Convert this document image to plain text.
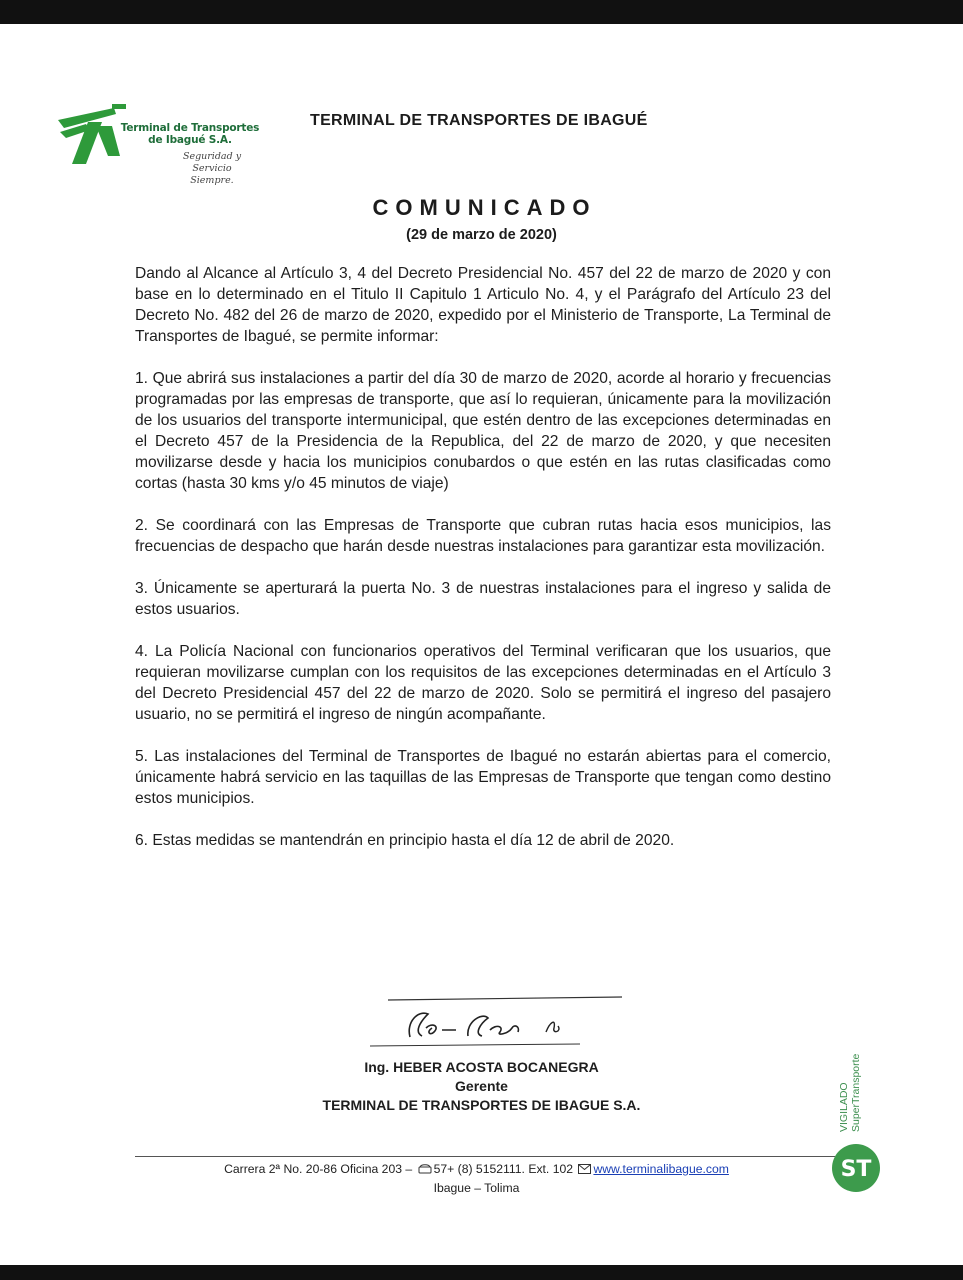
Terminal de Transportes
de Ibagué S.A.
Seguridad y Servicio
Siempre.
TERMINAL DE TRANSPORTES DE IBAGUÉ
COMUNICADO
(29 de marzo de 2020)

Dando al Alcance al Artículo 3, 4 del Decreto Presidencial No. 457 del 22 de marzo de 2020 y con base en lo determinado en el Titulo II Capitulo 1 Articulo No. 4, y el Parágrafo del Artículo 23 del Decreto No. 482 del 26 de marzo de 2020, expedido por el Ministerio de Transporte, La Terminal de Transportes de Ibagué, se permite informar:

1. Que abrirá sus instalaciones a partir del día 30 de marzo de 2020, acorde al horario y frecuencias programadas por las empresas de transporte, que así lo requieran, únicamente para la movilización de los usuarios del transporte intermunicipal, que estén dentro de las excepciones determinadas en el Decreto 457 de la Presidencia de la Republica, del 22 de marzo de 2020, y que necesiten movilizarse desde y hacia los municipios conubardos o que estén en las rutas clasificadas como cortas (hasta 30 kms y/o 45 minutos de viaje)

2. Se coordinará con las Empresas de Transporte que cubran rutas hacia esos municipios, las frecuencias de despacho que harán desde nuestras instalaciones para garantizar esta movilización.

3. Únicamente se aperturará la puerta No. 3 de nuestras instalaciones para el ingreso y salida de estos usuarios.

4. La Policía Nacional con funcionarios operativos del Terminal verificaran que los usuarios, que requieran movilizarse cumplan con los requisitos de las excepciones determinadas en el Artículo 3 del Decreto Presidencial 457 del 22 de marzo de 2020. Solo se permitirá el ingreso del pasajero usuario, no se permitirá el ingreso de ningún acompañante.

5. Las instalaciones del Terminal de Transportes de Ibagué no estarán abiertas para el comercio, únicamente habrá servicio en las taquillas de las Empresas de Transporte que tengan como destino estos municipios.

6. Estas medidas se mantendrán en principio hasta el día 12 de abril de 2020.

Ing. HEBER ACOSTA BOCANEGRA
Gerente
TERMINAL DE TRANSPORTES DE IBAGUE S.A.
Carrera 2ª No. 20-86 Oficina 203 – 57+ (8) 5152111. Ext. 102 www.terminalibague.com
Ibague – Tolima
ST
VIGILADO SuperTransporte
